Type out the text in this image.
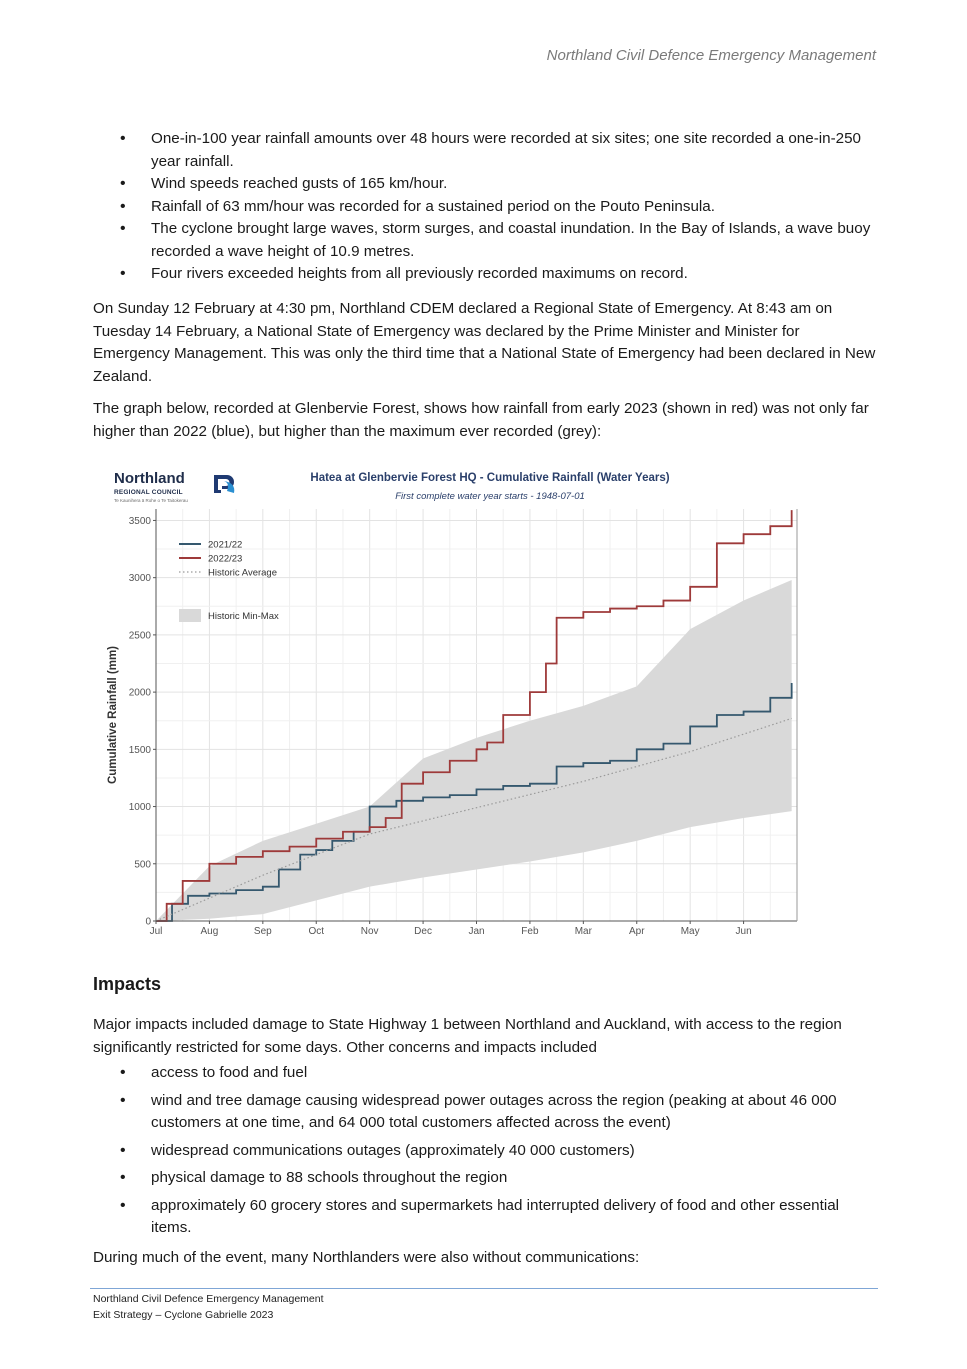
Northland Civil Defence Emergency Management
• One-in-100 year rainfall amounts over 48 hours were recorded at six sites; one site recorded a one-in-250 year rainfall.
• Wind speeds reached gusts of 165 km/hour.
• Rainfall of 63 mm/hour was recorded for a sustained period on the Pouto Peninsula.
• The cyclone brought large waves, storm surges, and coastal inundation. In the Bay of Islands, a wave buoy recorded a wave height of 10.9 metres.
• Four rivers exceeded heights from all previously recorded maximums on record.

On Sunday 12 February at 4:30 pm, Northland CDEM declared a Regional State of Emergency. At 8:43 am on Tuesday 14 February, a National State of Emergency was declared by the Prime Minister and Minister for Emergency Management. This was only the third time that a National State of Emergency had been declared in New Zealand.

The graph below, recorded at Glenbervie Forest, shows how rainfall from early 2023 (shown in red) was not only far higher than 2022 (blue), but higher than the maximum ever recorded (grey):

0
500
1000
1500
2000
2500
3000
3500
Jul	Aug	Sep	Oct	Nov	Dec	Jan	Feb	Mar	Apr	May	Jun
Cumulative Rainfall (mm)
2021/22
2022/23
Historic Average
Historic Min-Max
Northland
REGIONAL COUNCIL
Te Kaunihera ā Rohe o Te Taitokerau
Hatea at Glenbervie Forest HQ - Cumulative Rainfall (Water Years)
First complete water year starts - 1948-07-01
Impacts

Major impacts included damage to State Highway 1 between Northland and Auckland, with access to the region significantly restricted for some days. Other concerns and impacts included

• access to food and fuel
• wind and tree damage causing widespread power outages across the region (peaking at about 46 000 customers at one time, and 64 000 total customers affected across the event)
• widespread communications outages (approximately 40 000 customers)
• physical damage to 88 schools throughout the region
• approximately 60 grocery stores and supermarkets had interrupted delivery of food and other essential items.

During much of the event, many Northlanders were also without communications:

Northland Civil Defence Emergency Management
Exit Strategy – Cyclone Gabrielle 2023
